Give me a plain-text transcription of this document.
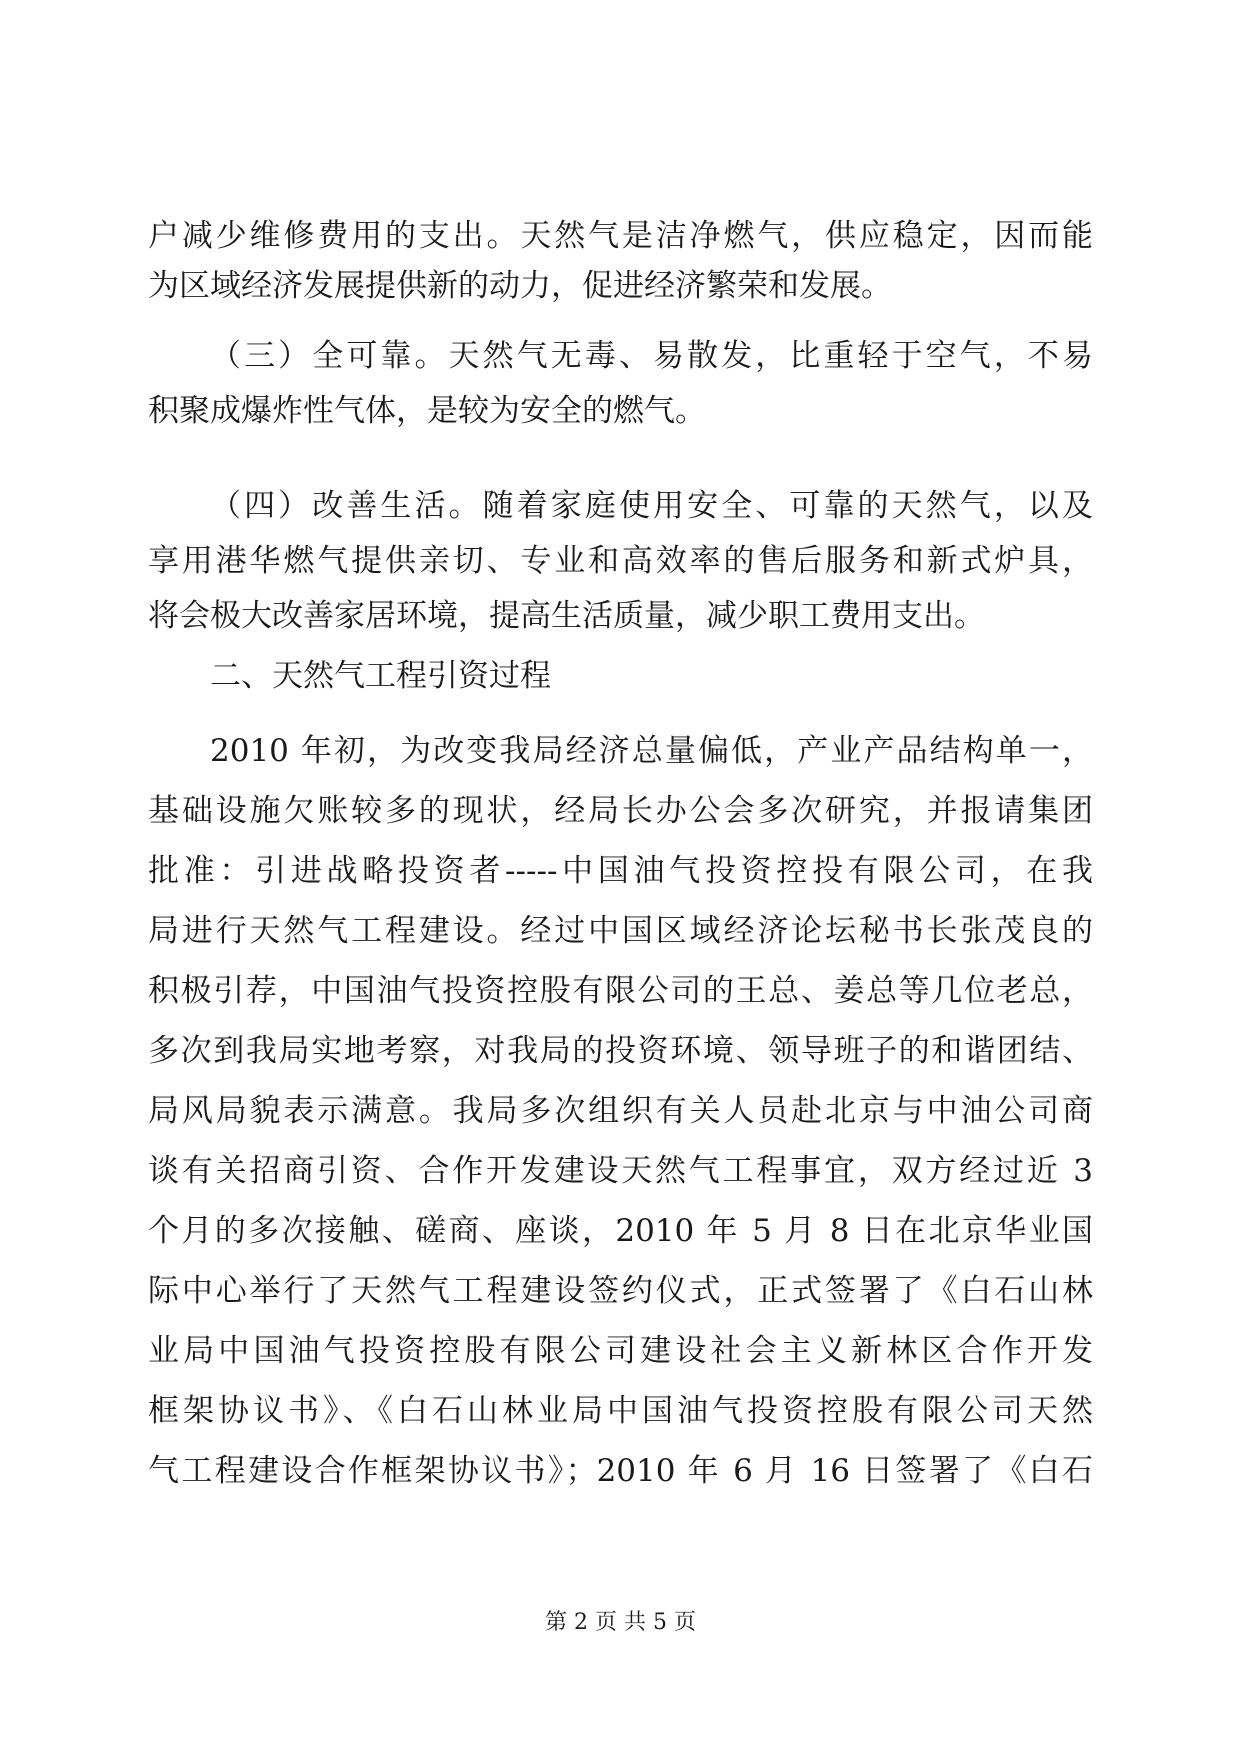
户减少维修费用的支出。天然气是洁净燃气，供应稳定，因而能

为区域经济发展提供新的动力，促进经济繁荣和发展。

（三）全可靠。天然气无毒、易散发，比重轻于空气，不易

积聚成爆炸性气体，是较为安全的燃气。

（四）改善生活。随着家庭使用安全、可靠的天然气，以及

享用港华燃气提供亲切、专业和高效率的售后服务和新式炉具，

将会极大改善家居环境，提高生活质量，减少职工费用支出。

二、天然气工程引资过程

2010 年初，为改变我局经济总量偏低，产业产品结构单一，

基础设施欠账较多的现状，经局长办公会多次研究，并报请集团

批准：引进战略投资者-----中国油气投资控投有限公司，在我

局进行天然气工程建设。经过中国区域经济论坛秘书长张茂良的

积极引荐，中国油气投资控股有限公司的王总、姜总等几位老总，

多次到我局实地考察，对我局的投资环境、领导班子的和谐团结、

局风局貌表示满意。我局多次组织有关人员赴北京与中油公司商

谈有关招商引资、合作开发建设天然气工程事宜，双方经过近 3

个月的多次接触、磋商、座谈，2010 年 5 月 8 日在北京华业国

际中心举行了天然气工程建设签约仪式，正式签署了《白石山林

业局中国油气投资控股有限公司建设社会主义新林区合作开发

框架协议书》、《白石山林业局中国油气投资控股有限公司天然

气工程建设合作框架协议书》；2010 年 6 月 16 日签署了《白石

第 2 页 共 5 页
